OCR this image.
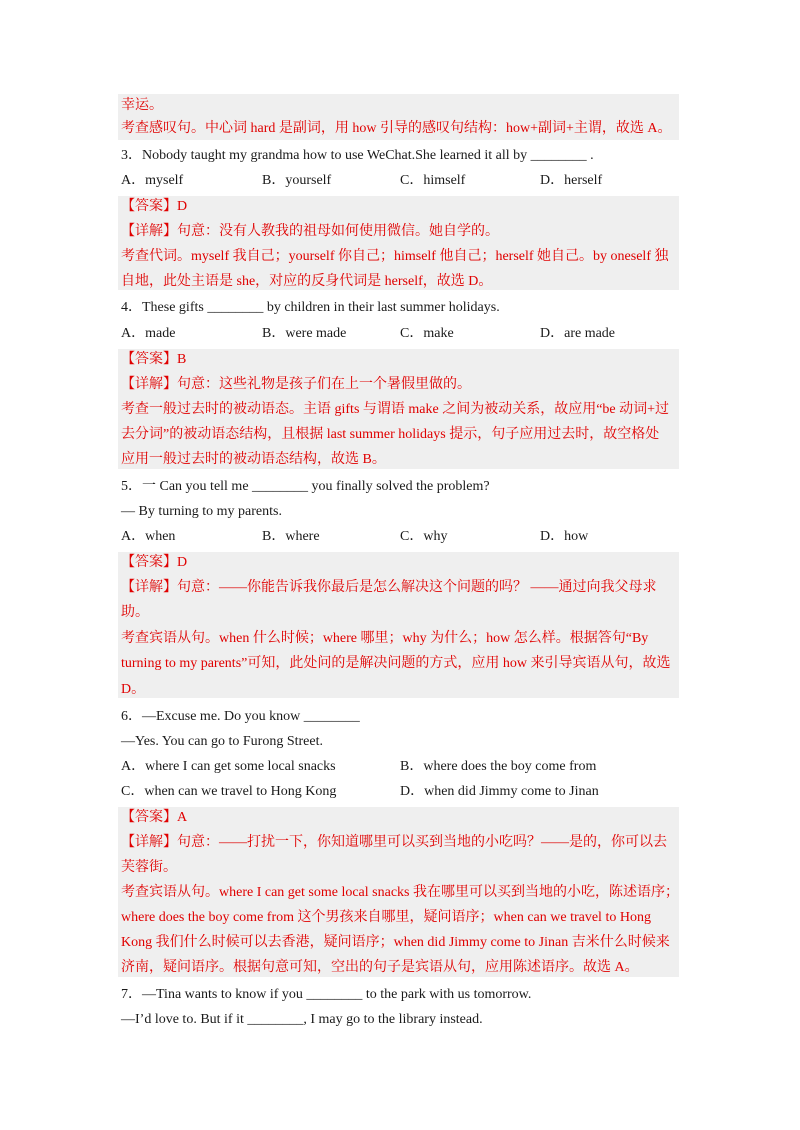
幸运。
考查感叹句。中心词 hard 是副词，用 how 引导的感叹句结构：how+副词+主谓，故选 A。
3．Nobody taught my grandma how to use WeChat.She learned it all by ________ .
A．myself	B．yourself	C．himself	D．herself
【答案】D
【详解】句意：没有人教我的祖母如何使用微信。她自学的。
考查代词。myself 我自己；yourself 你自己；himself 他自己；herself 她自己。by oneself 独
自地，此处主语是 she，对应的反身代词是 herself，故选 D。
4．These gifts ________ by children in their last summer holidays.
A．made	B．were made	C．make	D．are made
【答案】B
【详解】句意：这些礼物是孩子们在上一个暑假里做的。
考查一般过去时的被动语态。主语 gifts 与谓语 make 之间为被动关系，故应用“be 动词+过
去分词”的被动语态结构，且根据 last summer holidays 提示，句子应用过去时，故空格处
应用一般过去时的被动语态结构，故选 B。
5．一 Can you tell me ________ you finally solved the problem?
— By turning to my parents.
A．when	B．where	C．why	D．how
【答案】D
【详解】句意：——你能告诉我你最后是怎么解决这个问题的吗？ ——通过向我父母求
助。
考查宾语从句。when 什么时候；where 哪里；why 为什么；how 怎么样。根据答句“By
turning to my parents”可知，此处问的是解决问题的方式，应用 how 来引导宾语从句，故选
D。
6．—Excuse me. Do you know ________
—Yes. You can go to Furong Street.
A．where I can get some local snacks	B．where does the boy come from
C．when can we travel to Hong Kong	D．when did Jimmy come to Jinan
【答案】A
【详解】句意：——打扰一下，你知道哪里可以买到当地的小吃吗？——是的，你可以去
芙蓉街。
考查宾语从句。where I can get some local snacks 我在哪里可以买到当地的小吃，陈述语序；
where does the boy come from 这个男孩来自哪里，疑问语序；when can we travel to Hong
Kong 我们什么时候可以去香港，疑问语序；when did Jimmy come to Jinan 吉米什么时候来
济南，疑问语序。根据句意可知，空出的句子是宾语从句，应用陈述语序。故选 A。
7．—Tina wants to know if you ________ to the park with us tomorrow.
—I’d love to. But if it ________, I may go to the library instead.
